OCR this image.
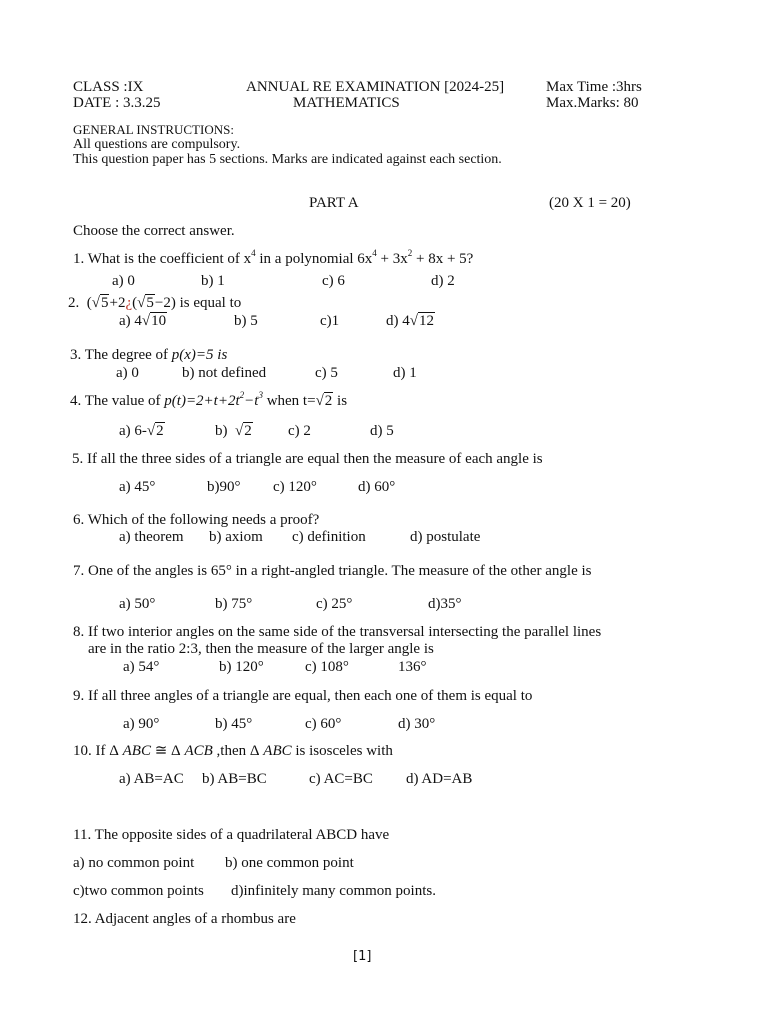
CLASS :IX	ANNUAL RE EXAMINATION [2024-25]	Max Time :3hrs
DATE : 3.3.25	MATHEMATICS	Max.Marks: 80
GENERAL INSTRUCTIONS:
All questions are compulsory.
This question paper has 5 sections. Marks are indicated against each section.
PART A	(20 X 1 = 20)
Choose the correct answer.
1. What is the coefficient of $x^4$ in a polynomial $6x^4 + 3x^2 + 8x + 5$?
a) 0	b) 1	c) 6	d) 2
2. (√5+2¿(√5−2) is equal to
a) 4√10	b) 5	c)1	d) 4√12
3. The degree of p(x)=5 is
a) 0	b) not defined	c) 5	d) 1
4. The value of $p(t)=2+t+2t^2-t^3$ when t=√2 is
a) 6-√2	b)  √2 c) 2	d) 5
5. If all the three sides of a triangle are equal then the measure of each angle is
a) 45°	b)90° c) 120°	d) 60°
6. Which of the following needs a proof?
a) theorem b) axiom c) definition	d) postulate
7. One of the angles is 65° in a right-angled triangle. The measure of the other angle is
a) 50°	b) 75°	c) 25°	d)35°
8. If two interior angles on the same side of the transversal intersecting the parallel lines
are in the ratio 2:3, then the measure of the larger angle is
a) 54°	b) 120°	c) 108°	136°
9. If all three angles of a triangle are equal, then each one of them is equal to
a) 90°	b) 45°	c) 60°	d) 30°
10. If Δ ABC ≅ Δ ACB ,then Δ ABC is isosceles with
a) AB=AC b) AB=BC	c) AC=BC d) AD=AB
11. The opposite sides of a quadrilateral ABCD have
a) no common point b) one common point
c)two common points d)infinitely many common points.
12. Adjacent angles of a rhombus are
[1]
